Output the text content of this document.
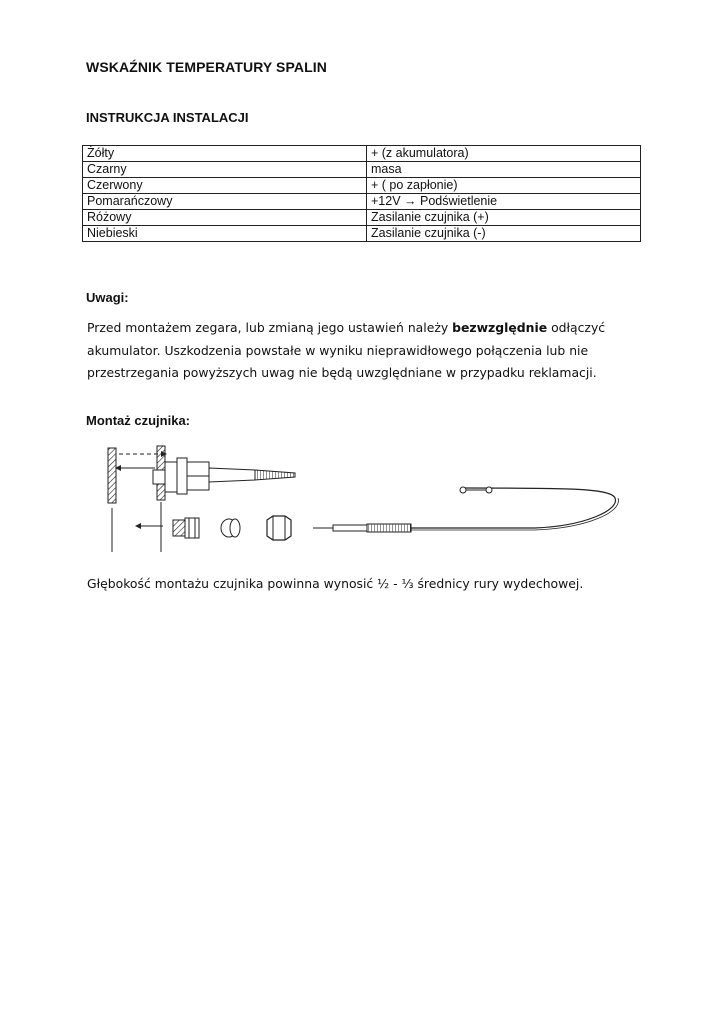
WSKAŹNIK TEMPERATURY SPALIN
INSTRUKCJA INSTALACJI
Żółty	+ (z akumulatora)
Czarny	masa
Czerwony	+ ( po zapłonie)
Pomarańczowy	+12V → Podświetlenie
Różowy	Zasilanie czujnika (+)
Niebieski	Zasilanie czujnika (-)
Uwagi:
Przed montażem zegara, lub zmianą jego ustawień należy bezwzględnie odłączyć akumulator. Uszkodzenia powstałe w wyniku nieprawidłowego połączenia lub nie przestrzegania powyższych uwag nie będą uwzględniane w przypadku reklamacji.
Montaż czujnika:
Głębokość montażu czujnika powinna wynosić ½ - ⅓ średnicy rury wydechowej.
